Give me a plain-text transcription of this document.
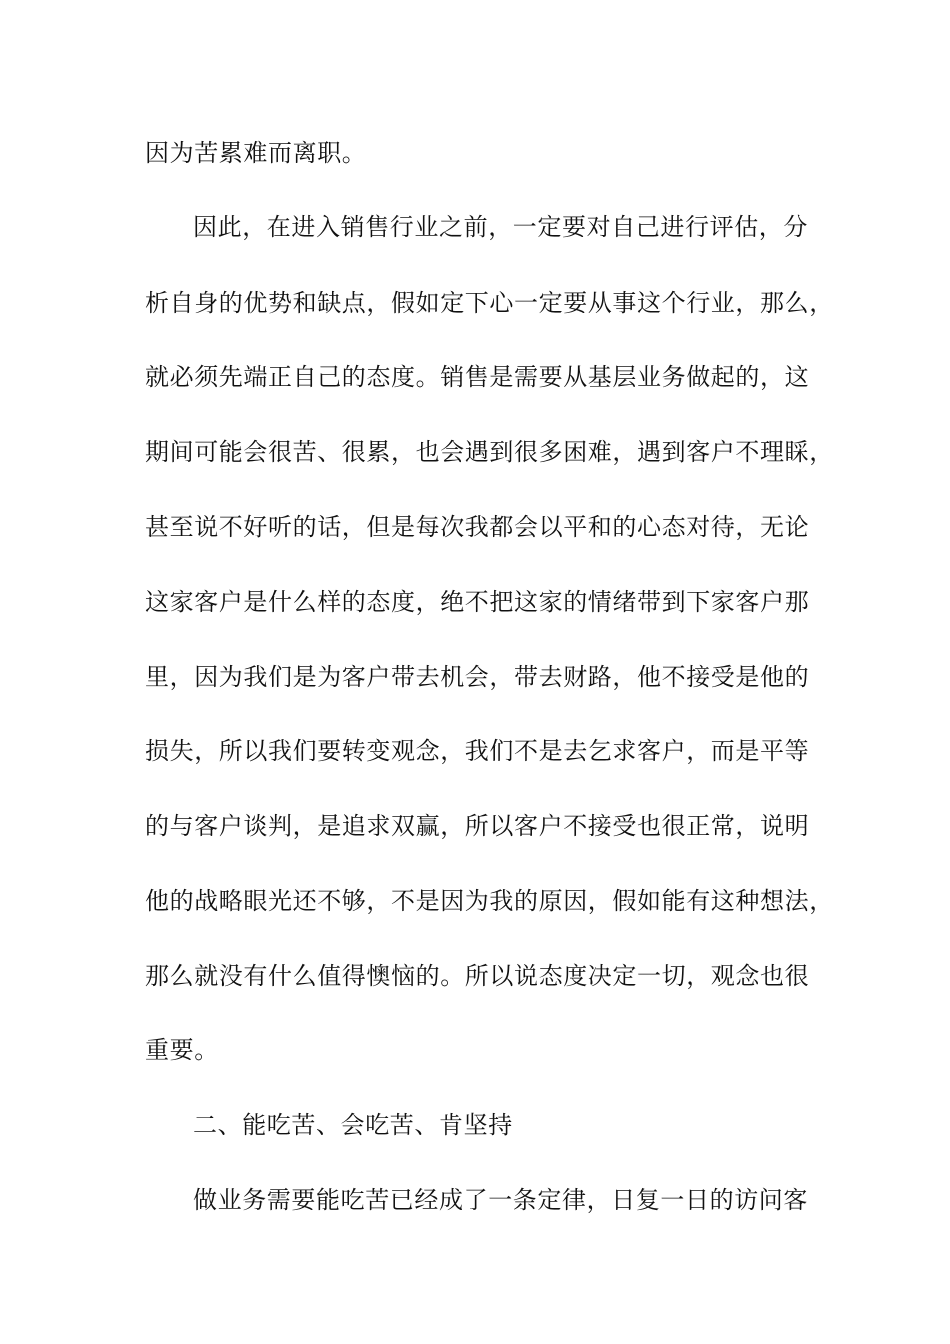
因为苦累难而离职。
因此，在进入销售行业之前，一定要对自己进行评估，分
析自身的优势和缺点，假如定下心一定要从事这个行业，那么，
就必须先端正自己的态度。销售是需要从基层业务做起的，这
期间可能会很苦、很累，也会遇到很多困难，遇到客户不理睬，
甚至说不好听的话，但是每次我都会以平和的心态对待，无论
这家客户是什么样的态度，绝不把这家的情绪带到下家客户那
里，因为我们是为客户带去机会，带去财路，他不接受是他的
损失，所以我们要转变观念，我们不是去乞求客户，而是平等
的与客户谈判，是追求双赢，所以客户不接受也很正常，说明
他的战略眼光还不够，不是因为我的原因，假如能有这种想法，
那么就没有什么值得懊恼的。所以说态度决定一切，观念也很
重要。
二、能吃苦、会吃苦、肯坚持
做业务需要能吃苦已经成了一条定律，日复一日的访问客
